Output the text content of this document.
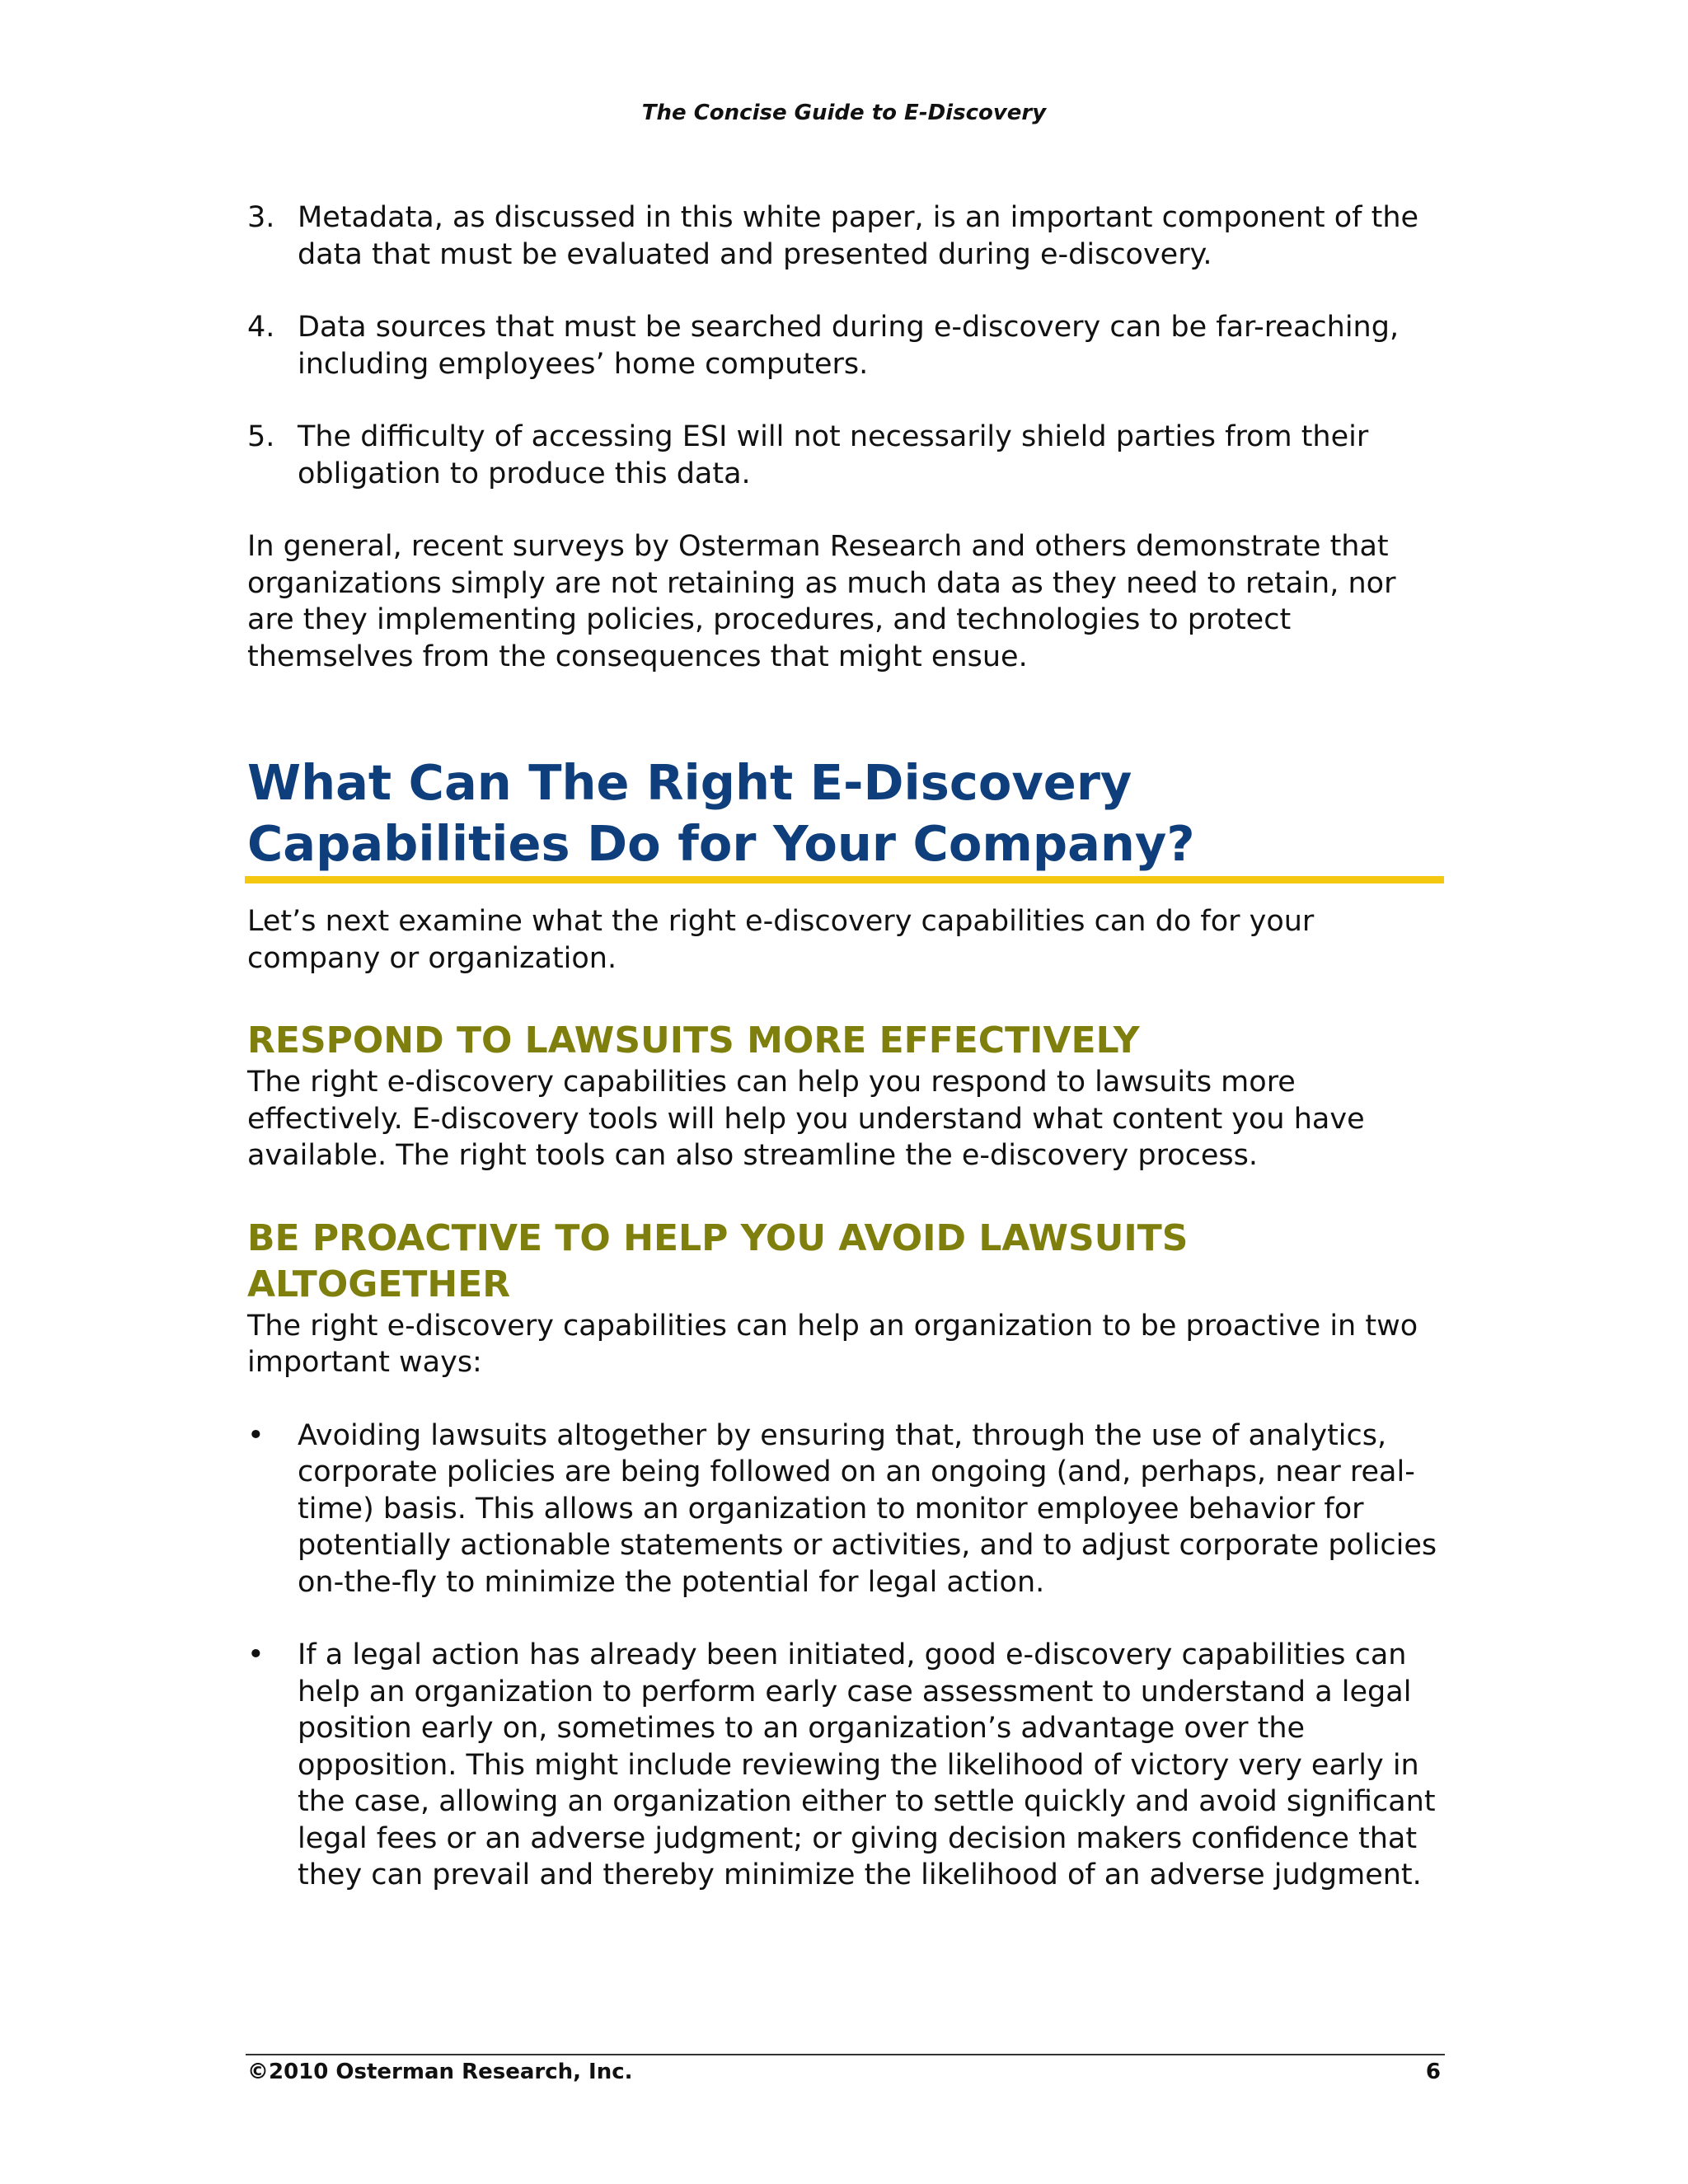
The Concise Guide to E-Discovery
3. Metadata, as discussed in this white paper, is an important component of the data that must be evaluated and presented during e-discovery.
4. Data sources that must be searched during e-discovery can be far-reaching, including employees’ home computers.
5. The difficulty of accessing ESI will not necessarily shield parties from their obligation to produce this data.

In general, recent surveys by Osterman Research and others demonstrate that organizations simply are not retaining as much data as they need to retain, nor are they implementing policies, procedures, and technologies to protect themselves from the consequences that might ensue.

What Can The Right E-Discovery Capabilities Do for Your Company?

Let’s next examine what the right e-discovery capabilities can do for your company or organization.

RESPOND TO LAWSUITS MORE EFFECTIVELY

The right e-discovery capabilities can help you respond to lawsuits more effectively. E-discovery tools will help you understand what content you have available. The right tools can also streamline the e-discovery process.

BE PROACTIVE TO HELP YOU AVOID LAWSUITS ALTOGETHER

The right e-discovery capabilities can help an organization to be proactive in two important ways:

•	Avoiding lawsuits altogether by ensuring that, through the use of analytics, corporate policies are being followed on an ongoing (and, perhaps, near real-time) basis. This allows an organization to monitor employee behavior for potentially actionable statements or activities, and to adjust corporate policies on-the-fly to minimize the potential for legal action.
•	If a legal action has already been initiated, good e-discovery capabilities can help an organization to perform early case assessment to understand a legal position early on, sometimes to an organization’s advantage over the opposition. This might include reviewing the likelihood of victory very early in the case, allowing an organization either to settle quickly and avoid significant legal fees or an adverse judgment; or giving decision makers confidence that they can prevail and thereby minimize the likelihood of an adverse judgment.
©2010 Osterman Research, Inc.	6
